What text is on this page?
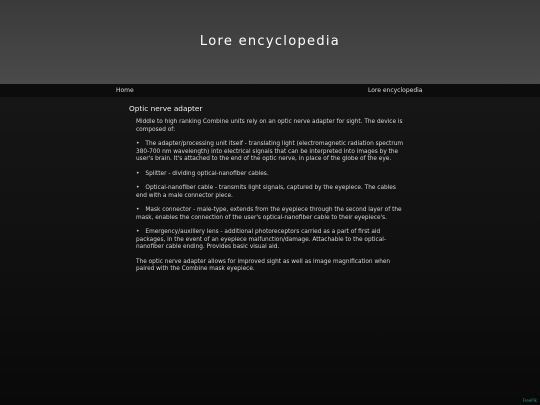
Lore encyclopedia
Home	Lore encyclopedia
Optic nerve adapter

Middle to high ranking Combine units rely on an optic nerve adapter for sight. The device is composed of:

• The adapter/processing unit itself - translating light (electromagnetic radiation spectrum 380-700 nm wavelength) into electrical signals that can be interpreted into images by the user's brain. It's attached to the end of the optic nerve, in place of the globe of the eye.

• Splitter - dividing optical-nanofiber cables.

• Optical-nanofiber cable - transmits light signals, captured by the eyepiece. The cables end with a male connector piece.

• Mask connector - male-type, extends from the eyepiece through the second layer of the mask, enables the connection of the user's optical-nanofiber cable to their eyepiece's.

• Emergency/auxillery lens - additional photoreceptors carried as a part of first aid packages, in the event of an eyepiece malfunction/damage. Attachable to the optical-nanofiber cable ending. Provides basic visual aid.

The optic nerve adapter allows for improved sight as well as image magnification when paired with the Combine mask eyepiece.

FreePik
